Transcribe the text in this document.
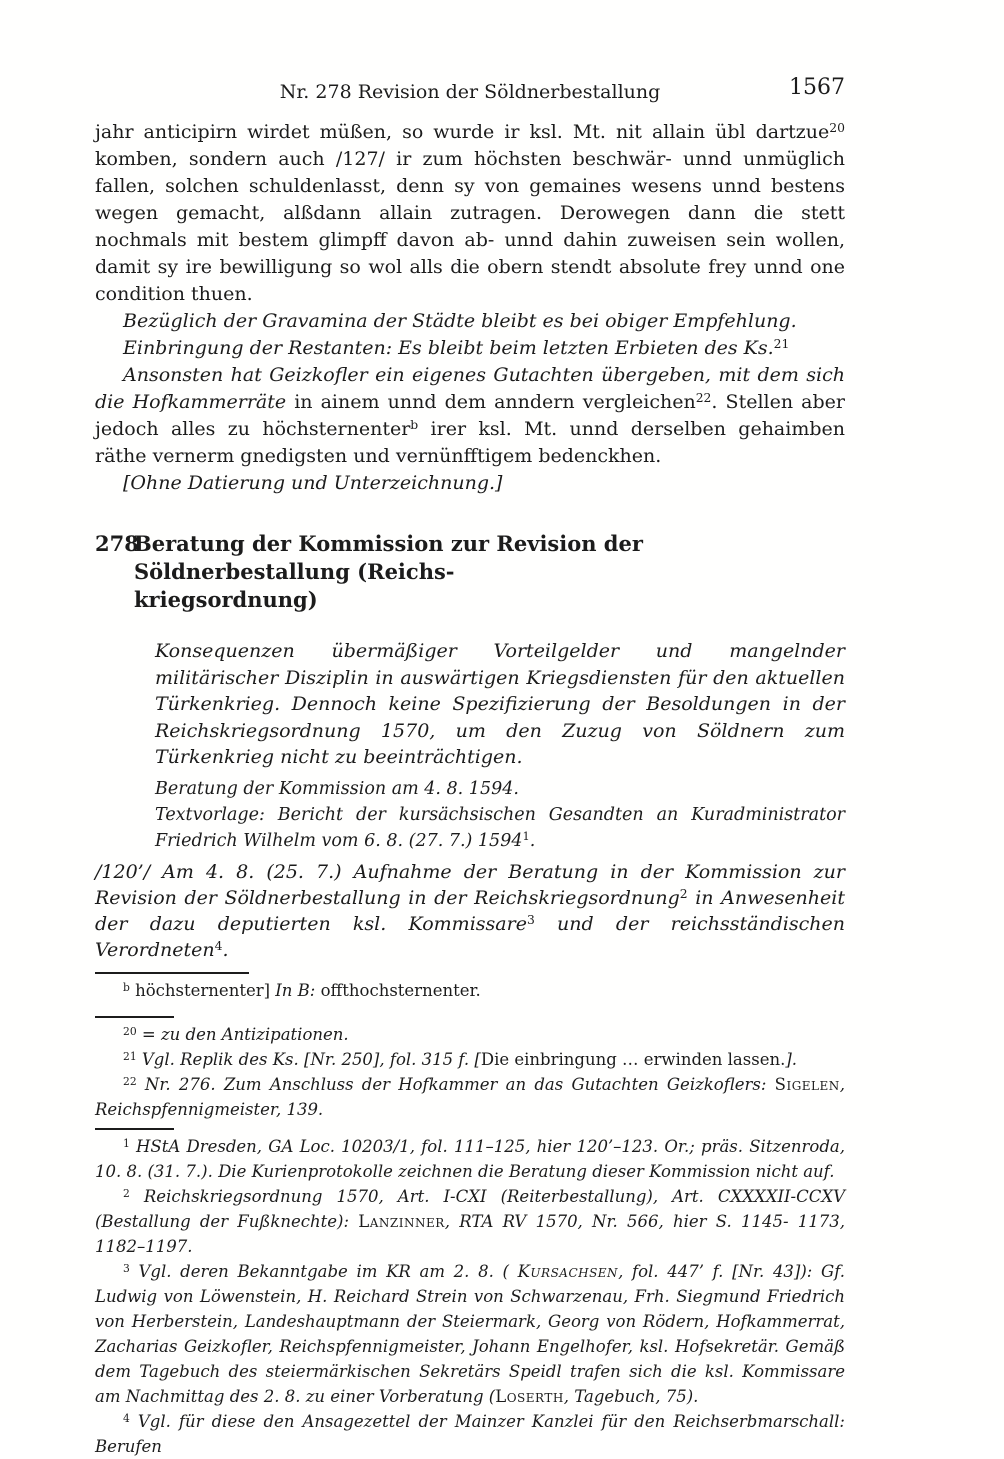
Nr. 278 Revision der Söldnerbestallung	1567

jahr anticipirn wirdet müßen, so wurde ir ksl. Mt. nit allain übl dartzue$^{20}$ komben, sondern auch /127/ ir zum höchsten beschwär- unnd unmüglich fallen, solchen schuldenlasst, denn sy von gemaines wesens unnd bestens wegen gemacht, alßdann allain zutragen. Derowegen dann die stett nochmals mit bestem glimpff davon ab- unnd dahin zuweisen sein wollen, damit sy ire bewilligung so wol alls die obern stendt absolute frey unnd one condition thuen.

Bezüglich der Gravamina der Städte bleibt es bei obiger Empfehlung.

Einbringung der Restanten: Es bleibt beim letzten Erbieten des Ks.$^{21}$

Ansonsten hat Geizkofler ein eigenes Gutachten übergeben, mit dem sich die Hofkammerräte in ainem unnd dem anndern vergleichen$^{22}$. Stellen aber jedoch alles zu höchsternenter$^b$ irer ksl. Mt. unnd derselben gehaimben räthe vernerm gnedigsten und vernünfftigem bedenckhen.

[Ohne Datierung und Unterzeichnung.]

278
Beratung der Kommission zur Revision der Söldnerbestallung (Reichs-
kriegsordnung)

Konsequenzen übermäßiger Vorteilgelder und mangelnder militärischer Disziplin in auswärtigen Kriegsdiensten für den aktuellen Türkenkrieg. Dennoch keine Spezifizierung der Besoldungen in der Reichskriegsordnung 1570, um den Zuzug von Söldnern zum Türkenkrieg nicht zu beeinträchtigen.

Beratung der Kommission am 4. 8. 1594.

Textvorlage: Bericht der kursächsischen Gesandten an Kuradministrator Friedrich Wilhelm vom 6. 8. (27. 7.) 1594$^1$.

/120’/ Am 4. 8. (25. 7.) Aufnahme der Beratung in der Kommission zur Revision der Söldnerbestallung in der Reichskriegsordnung$^2$ in Anwesenheit der dazu deputierten ksl. Kommissare$^3$ und der reichsständischen Verordneten$^4$.

$^b$ höchsternenter] In B: offthochsternenter.

$^{20}$ = zu den Antizipationen.

$^{21}$ Vgl. Replik des Ks. [Nr. 250], fol. 315 f. [Die einbringung … erwinden lassen.].

$^{22}$ Nr. 276. Zum Anschluss der Hofkammer an das Gutachten Geizkoflers: Sigelen, Reichspfennigmeister, 139.

$^1$ HStA Dresden, GA Loc. 10203/1, fol. 111–125, hier 120’–123. Or.; präs. Sitzenroda, 10. 8. (31. 7.). Die Kurienprotokolle zeichnen die Beratung dieser Kommission nicht auf.

$^2$ Reichskriegsordnung 1570, Art. I-CXI (Reiterbestallung), Art. CXXXXII-CCXV (Bestallung der Fußknechte): Lanzinner, RTA RV 1570, Nr. 566, hier S. 1145- 1173, 1182–1197.

$^3$ Vgl. deren Bekanntgabe im KR am 2. 8. ( Kursachsen, fol. 447’ f. [Nr. 43]): Gf. Ludwig von Löwenstein, H. Reichard Strein von Schwarzenau, Frh. Siegmund Friedrich von Herberstein, Landeshauptmann der Steiermark, Georg von Rödern, Hofkammerrat, Zacharias Geizkofler, Reichspfennigmeister, Johann Engelhofer, ksl. Hofsekretär. Gemäß dem Tagebuch des steiermärkischen Sekretärs Speidl trafen sich die ksl. Kommissare am Nachmittag des 2. 8. zu einer Vorberatung (Loserth, Tagebuch, 75).

$^4$ Vgl. für diese den Ansagezettel der Mainzer Kanzlei für den Reichserbmarschall: Berufen
